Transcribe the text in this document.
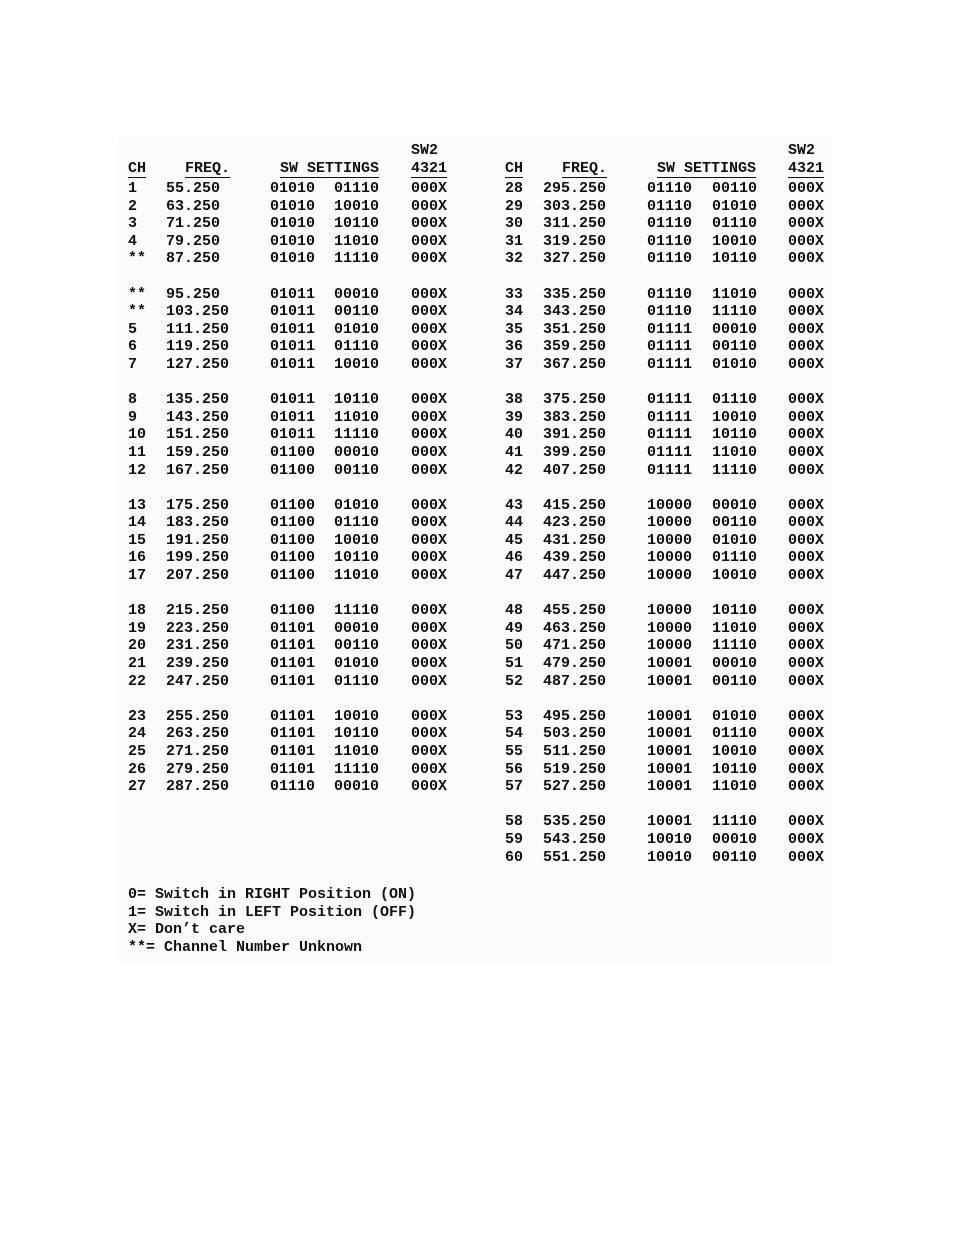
SW2
CH	FREQ.	SW SETTINGS 4321
1 55.250	01010 01110 000X
2 63.250	01010 10010 000X
3 71.250	01010 10110 000X
4 79.250	01010 11010 000X
** 87.250	01010 11110 000X
** 95.250	01011 00010 000X
** 103.250	01011 00110 000X
5 111.250	01011 01010 000X
6 119.250	01011 01110 000X
7 127.250	01011 10010 000X
8 135.250	01011 10110 000X
9 143.250	01011 11010 000X
10 151.250	01011 11110 000X
11 159.250	01100 00010 000X
12 167.250	01100 00110 000X
13 175.250	01100 01010 000X
14 183.250	01100 01110 000X
15 191.250	01100 10010 000X
16 199.250	01100 10110 000X
17 207.250	01100 11010 000X
18 215.250	01100 11110 000X
19 223.250	01101 00010 000X
20 231.250	01101 00110 000X
21 239.250	01101 01010 000X
22 247.250	01101 01110 000X
23 255.250	01101 10010 000X
24 263.250	01101 10110 000X
25 271.250	01101 11010 000X
26 279.250	01101 11110 000X
27 287.250	01110 00010 000X
SW2
CH	FREQ.	SW SETTINGS 4321
28 295.250	01110 00110 000X
29 303.250	01110 01010 000X
30 311.250	01110 01110 000X
31 319.250	01110 10010 000X
32 327.250	01110 10110 000X
33 335.250	01110 11010 000X
34 343.250	01110 11110 000X
35 351.250	01111 00010 000X
36 359.250	01111 00110 000X
37 367.250	01111 01010 000X
38 375.250	01111 01110 000X
39 383.250	01111 10010 000X
40 391.250	01111 10110 000X
41 399.250	01111 11010 000X
42 407.250	01111 11110 000X
43 415.250	10000 00010 000X
44 423.250	10000 00110 000X
45 431.250	10000 01010 000X
46 439.250	10000 01110 000X
47 447.250	10000 10010 000X
48 455.250	10000 10110 000X
49 463.250	10000 11010 000X
50 471.250	10000 11110 000X
51 479.250	10001 00010 000X
52 487.250	10001 00110 000X
53 495.250	10001 01010 000X
54 503.250	10001 01110 000X
55 511.250	10001 10010 000X
56 519.250	10001 10110 000X
57 527.250	10001 11010 000X
58 535.250	10001 11110 000X
59 543.250	10010 00010 000X
60 551.250	10010 00110 000X
0= Switch in RIGHT Position (ON)
1= Switch in LEFT Position (OFF)
X= Don’t care
**= Channel Number Unknown
